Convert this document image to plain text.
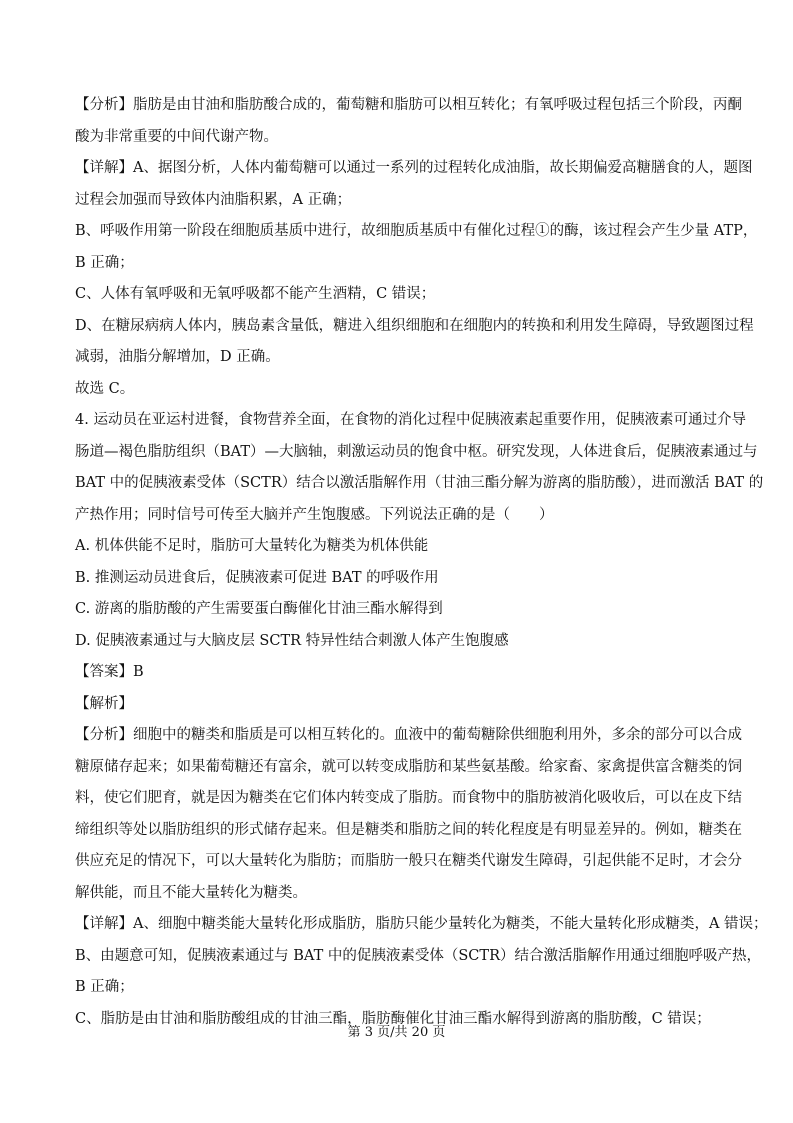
【分析】脂肪是由甘油和脂肪酸合成的，葡萄糖和脂肪可以相互转化；有氧呼吸过程包括三个阶段，丙酮
酸为非常重要的中间代谢产物。
【详解】A、据图分析，人体内葡萄糖可以通过一系列的过程转化成油脂，故长期偏爱高糖膳食的人，题图
过程会加强而导致体内油脂积累，A 正确；
B、呼吸作用第一阶段在细胞质基质中进行，故细胞质基质中有催化过程①的酶，该过程会产生少量 ATP，
B 正确；
C、人体有氧呼吸和无氧呼吸都不能产生酒精，C 错误；
D、在糖尿病病人体内，胰岛素含量低，糖进入组织细胞和在细胞内的转换和利用发生障碍，导致题图过程
减弱，油脂分解增加，D 正确。
故选 C。
4. 运动员在亚运村进餐，食物营养全面，在食物的消化过程中促胰液素起重要作用，促胰液素可通过介导
肠道—褐色脂肪组织（BAT）—大脑轴，刺激运动员的饱食中枢。研究发现，人体进食后，促胰液素通过与
BAT 中的促胰液素受体（SCTR）结合以激活脂解作用（甘油三酯分解为游离的脂肪酸），进而激活 BAT 的
产热作用；同时信号可传至大脑并产生饱腹感。下列说法正确的是（　　）
A. 机体供能不足时，脂肪可大量转化为糖类为机体供能
B. 推测运动员进食后，促胰液素可促进 BAT 的呼吸作用
C. 游离的脂肪酸的产生需要蛋白酶催化甘油三酯水解得到
D. 促胰液素通过与大脑皮层 SCTR 特异性结合刺激人体产生饱腹感
【答案】B
【解析】
【分析】细胞中的糖类和脂质是可以相互转化的。血液中的葡萄糖除供细胞利用外，多余的部分可以合成
糖原储存起来；如果葡萄糖还有富余，就可以转变成脂肪和某些氨基酸。给家畜、家禽提供富含糖类的饲
料，使它们肥育，就是因为糖类在它们体内转变成了脂肪。而食物中的脂肪被消化吸收后，可以在皮下结
缔组织等处以脂肪组织的形式储存起来。但是糖类和脂肪之间的转化程度是有明显差异的。例如，糖类在
供应充足的情况下，可以大量转化为脂肪；而脂肪一般只在糖类代谢发生障碍，引起供能不足时，才会分
解供能，而且不能大量转化为糖类。
【详解】A、细胞中糖类能大量转化形成脂肪，脂肪只能少量转化为糖类，不能大量转化形成糖类，A 错误；
B、由题意可知，促胰液素通过与 BAT 中的促胰液素受体（SCTR）结合激活脂解作用通过细胞呼吸产热，
B 正确；
C、脂肪是由甘油和脂肪酸组成的甘油三酯，脂肪酶催化甘油三酯水解得到游离的脂肪酸，C 错误；
第 3 页/共 20 页
